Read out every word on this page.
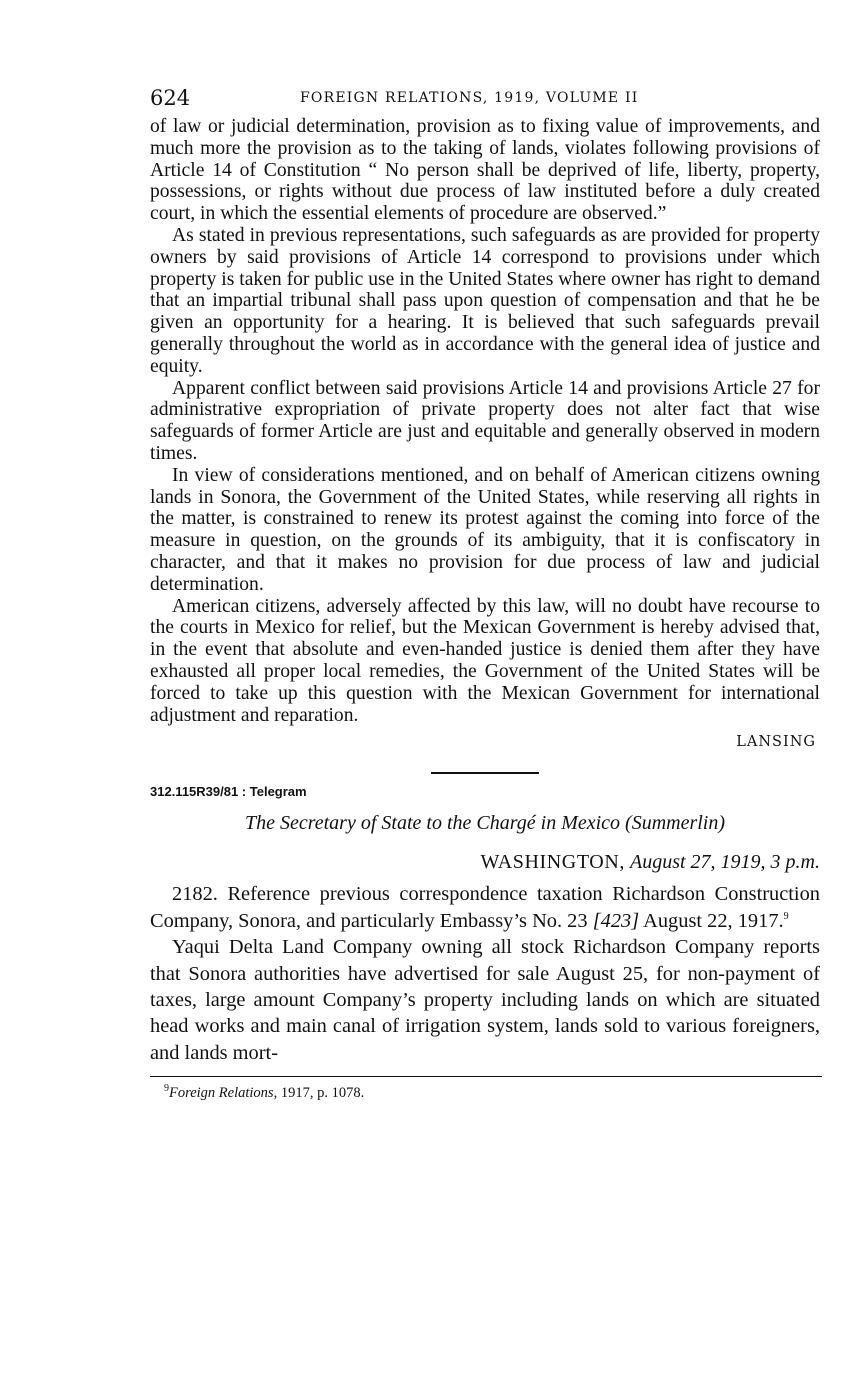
624	FOREIGN RELATIONS, 1919, VOLUME II

of law or judicial determination, provision as to fixing value of improvements, and much more the provision as to the taking of lands, violates following provisions of Article 14 of Constitution “ No person shall be deprived of life, liberty, property, possessions, or rights without due process of law instituted before a duly created court, in which the essential elements of procedure are observed.”

As stated in previous representations, such safeguards as are provided for property owners by said provisions of Article 14 correspond to provisions under which property is taken for public use in the United States where owner has right to demand that an impartial tribunal shall pass upon question of compensation and that he be given an opportunity for a hearing. It is believed that such safeguards prevail generally throughout the world as in accordance with the general idea of justice and equity.

Apparent conflict between said provisions Article 14 and provisions Article 27 for administrative expropriation of private property does not alter fact that wise safeguards of former Article are just and equitable and generally observed in modern times.

In view of considerations mentioned, and on behalf of American citizens owning lands in Sonora, the Government of the United States, while reserving all rights in the matter, is constrained to renew its protest against the coming into force of the measure in question, on the grounds of its ambiguity, that it is confiscatory in character, and that it makes no provision for due process of law and judicial determination.

American citizens, adversely affected by this law, will no doubt have recourse to the courts in Mexico for relief, but the Mexican Government is hereby advised that, in the event that absolute and even-handed justice is denied them after they have exhausted all proper local remedies, the Government of the United States will be forced to take up this question with the Mexican Government for international adjustment and reparation.

LANSING
312.115R39/81 : Telegram
The Secretary of State to the Chargé in Mexico (Summerlin)
WASHINGTON, August 27, 1919, 3 p.m.

2182. Reference previous correspondence taxation Richardson Construction Company, Sonora, and particularly Embassy’s No. 23 [423] August 22, 1917.$^9$

Yaqui Delta Land Company owning all stock Richardson Company reports that Sonora authorities have advertised for sale August 25, for non-payment of taxes, large amount Company’s property including lands on which are situated head works and main canal of irrigation system, lands sold to various foreigners, and lands mort-

$^9$Foreign Relations, 1917, p. 1078.
